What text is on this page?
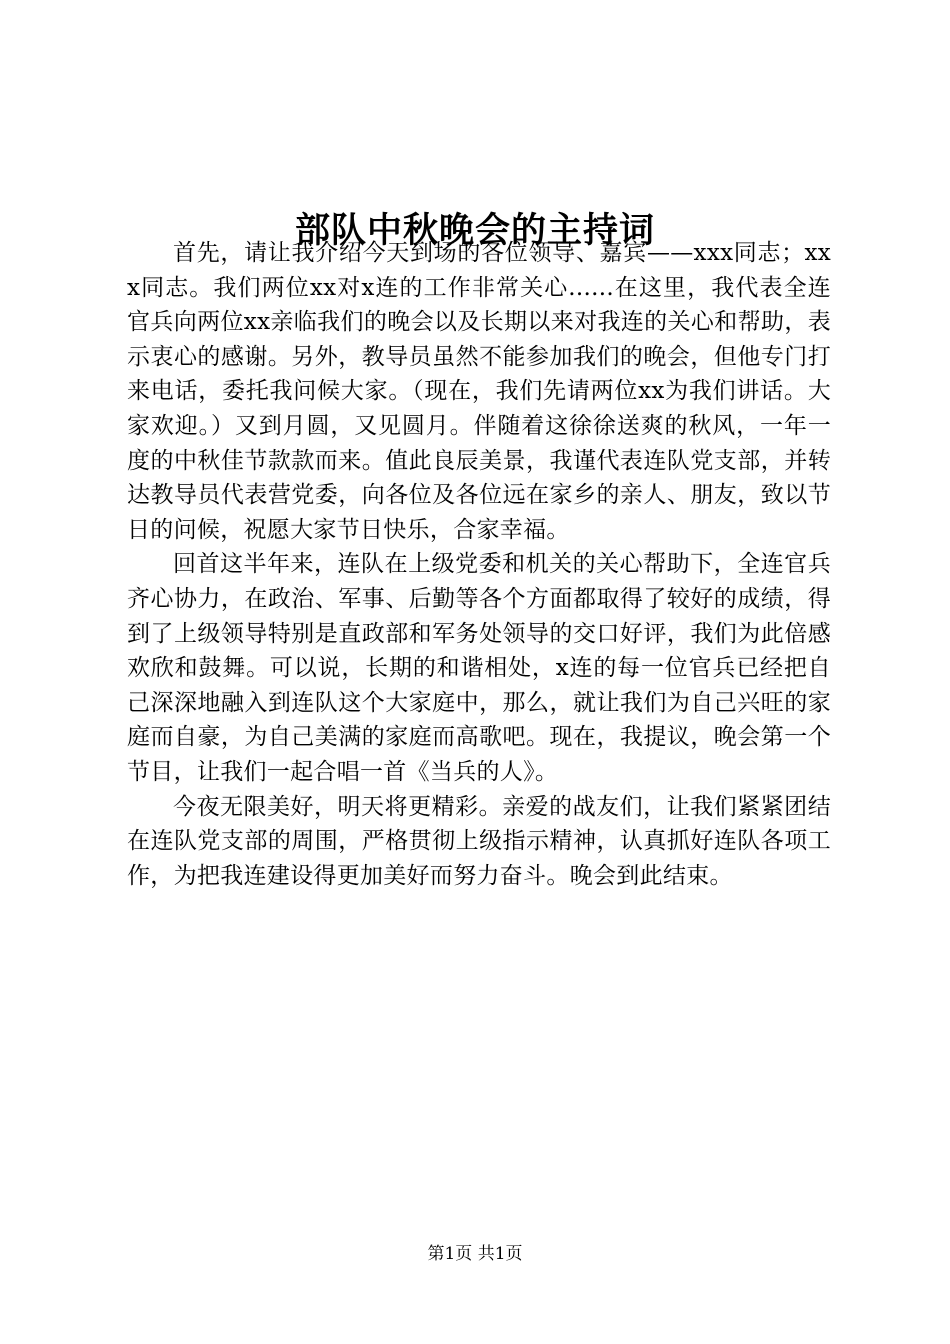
部队中秋晚会的主持词

首先，请让我介绍今天到场的各位领导、嘉宾——xxx同志；xxx同志。我们两位xx对x连的工作非常关心......在这里，我代表全连官兵向两位xx亲临我们的晚会以及长期以来对我连的关心和帮助，表示衷心的感谢。另外，教导员虽然不能参加我们的晚会，但他专门打来电话，委托我问候大家。（现在，我们先请两位xx为我们讲话。大家欢迎。）又到月圆，又见圆月。伴随着这徐徐送爽的秋风，一年一度的中秋佳节款款而来。值此良辰美景，我谨代表连队党支部，并转达教导员代表营党委，向各位及各位远在家乡的亲人、朋友，致以节日的问候，祝愿大家节日快乐，合家幸福。

回首这半年来，连队在上级党委和机关的关心帮助下，全连官兵齐心协力，在政治、军事、后勤等各个方面都取得了较好的成绩，得到了上级领导特别是直政部和军务处领导的交口好评，我们为此倍感欢欣和鼓舞。可以说，长期的和谐相处，x连的每一位官兵已经把自己深深地融入到连队这个大家庭中，那么，就让我们为自己兴旺的家庭而自豪，为自己美满的家庭而高歌吧。现在，我提议，晚会第一个节目，让我们一起合唱一首《当兵的人》。

今夜无限美好，明天将更精彩。亲爱的战友们，让我们紧紧团结在连队党支部的周围，严格贯彻上级指示精神，认真抓好连队各项工作，为把我连建设得更加美好而努力奋斗。晚会到此结束。

第1页 共1页
